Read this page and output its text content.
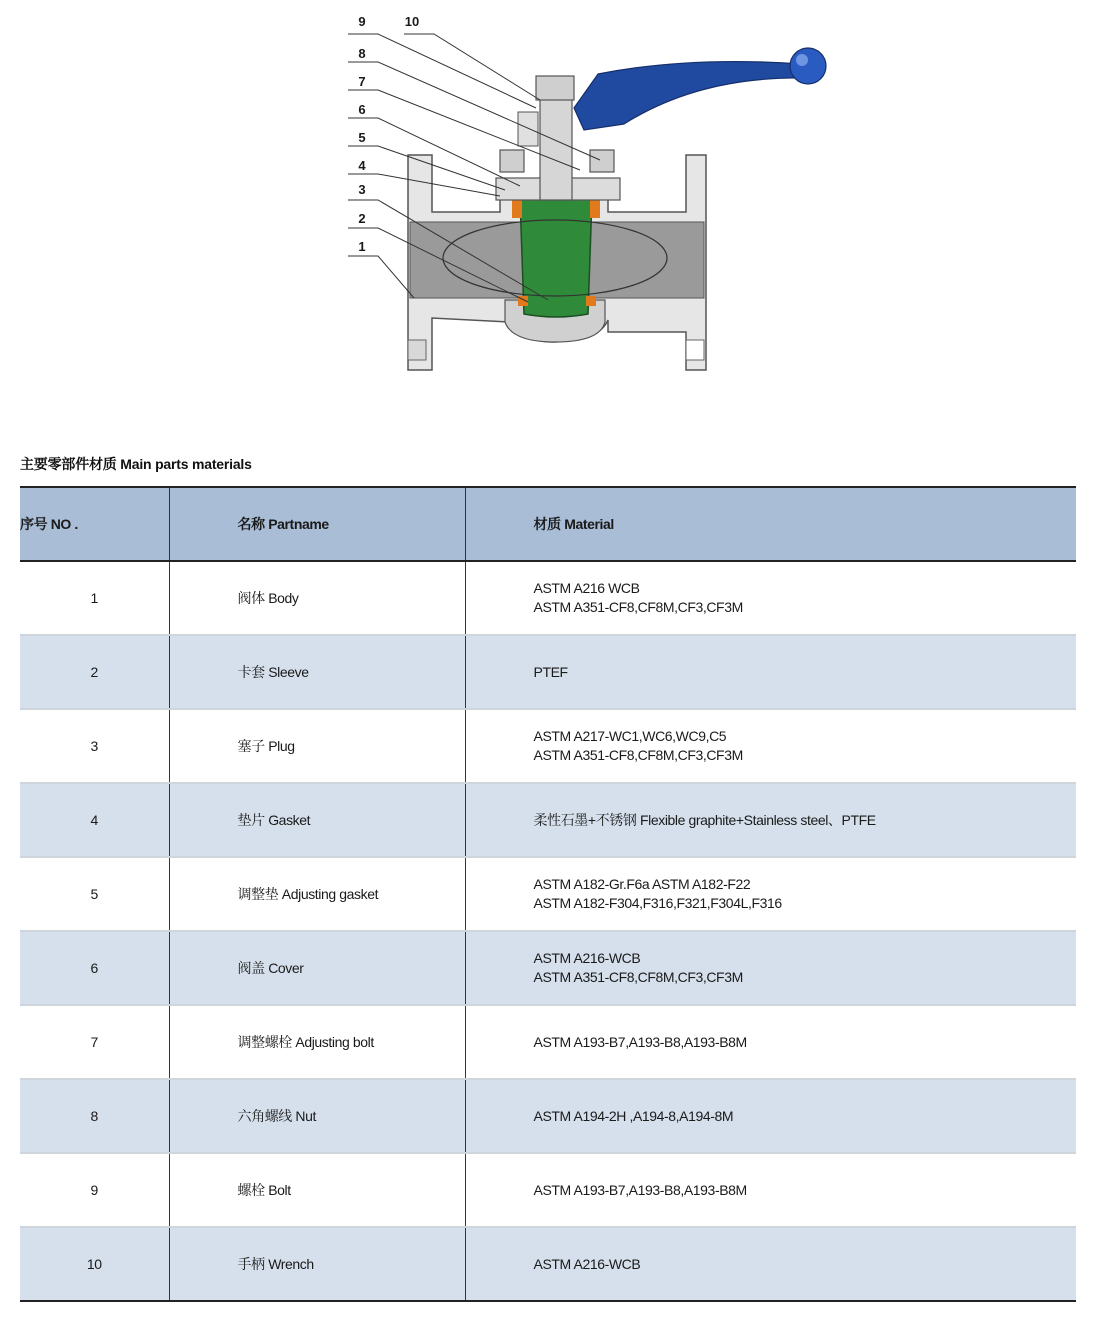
9	10
8
7
6
5
4
3
2
1
主要零部件材质 Main parts materials
序号 NO .	名称 Partname	材质 Material
1	阀体 Body	ASTM A216 WCB
ASTM A351-CF8,CF8M,CF3,CF3M

2	卡套 Sleeve	PTEF

3	塞子 Plug	ASTM A217-WC1,WC6,WC9,C5
ASTM A351-CF8,CF8M,CF3,CF3M

4	垫片 Gasket	柔性石墨+不锈钢 Flexible graphite+Stainless steel、PTFE

5	调整垫 Adjusting gasket	ASTM A182-Gr.F6a ASTM A182-F22
ASTM A182-F304,F316,F321,F304L,F316

6	阀盖 Cover	ASTM A216-WCB
ASTM A351-CF8,CF8M,CF3,CF3M

7	调整螺栓 Adjusting bolt	ASTM A193-B7,A193-B8,A193-B8M

8	六角螺线 Nut	ASTM A194-2H ,A194-8,A194-8M

9	螺栓 Bolt	ASTM A193-B7,A193-B8,A193-B8M

10	手柄 Wrench	ASTM A216-WCB
